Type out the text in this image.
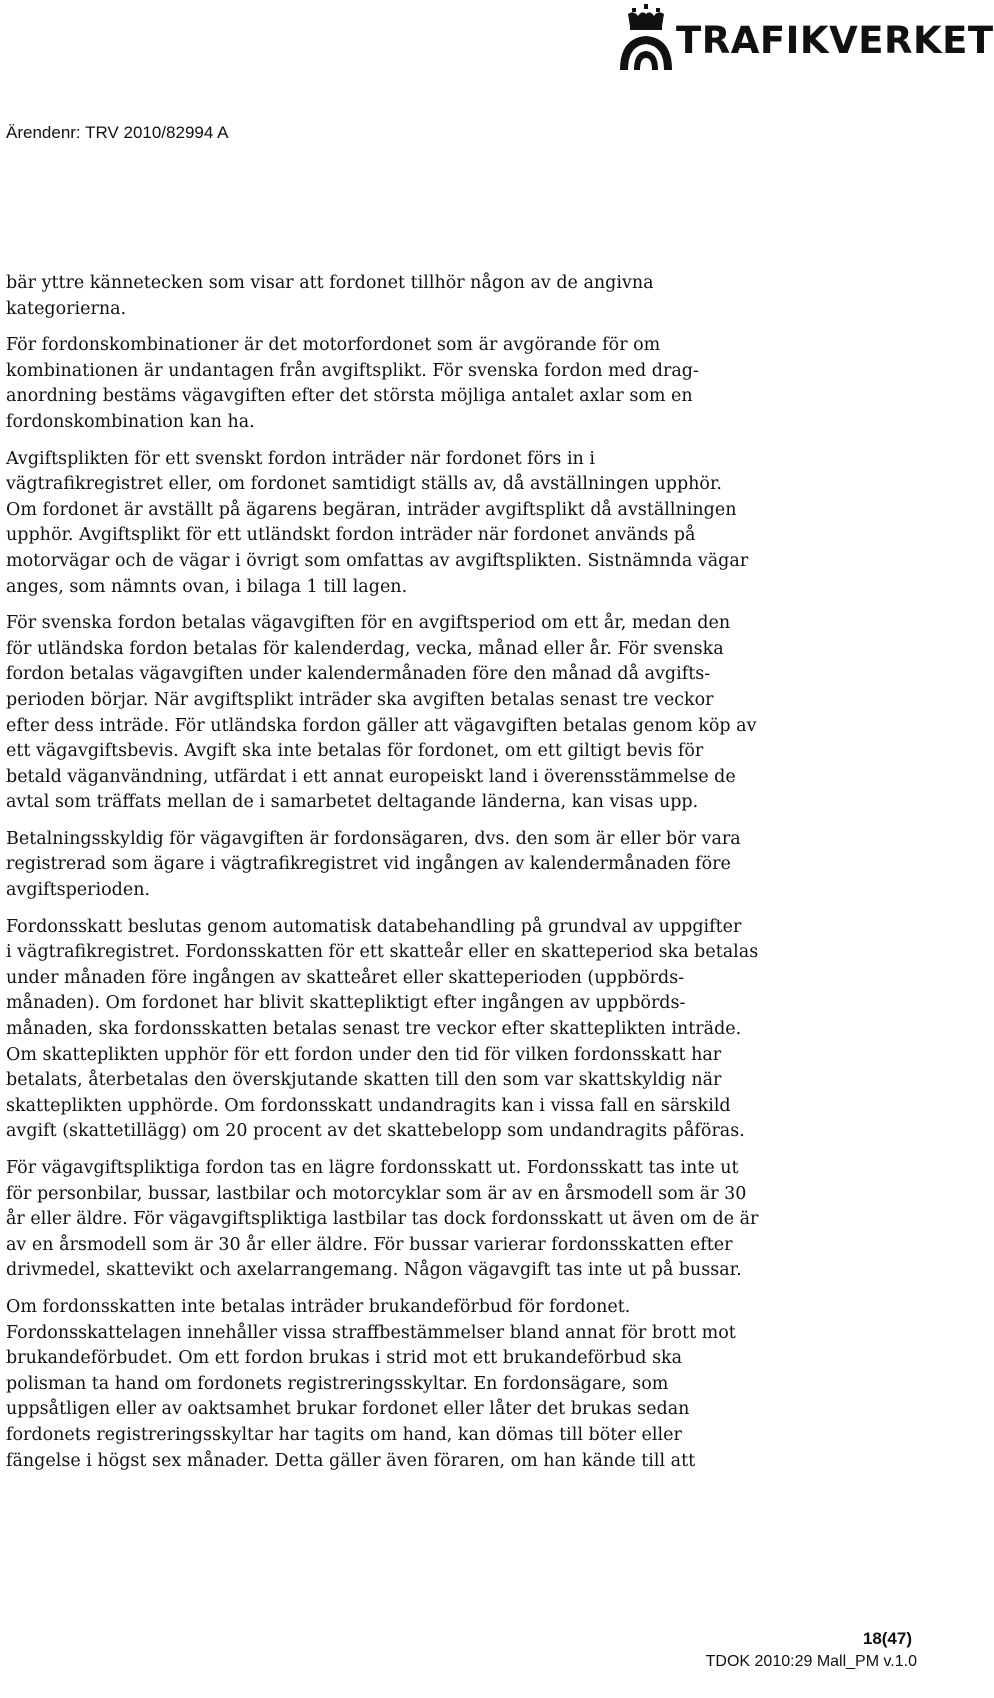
TRAFIKVERKET
Ärendenr: TRV 2010/82994 A

bär yttre kännetecken som visar att fordonet tillhör någon av de angivna
kategorierna.

För fordonskombinationer är det motorfordonet som är avgörande för om
kombinationen är undantagen från avgiftsplikt. För svenska fordon med drag-
anordning bestäms vägavgiften efter det största möjliga antalet axlar som en
fordonskombination kan ha.

Avgiftsplikten för ett svenskt fordon inträder när fordonet förs in i
vägtrafikregistret eller, om fordonet samtidigt ställs av, då avställningen upphör.
Om fordonet är avställt på ägarens begäran, inträder avgiftsplikt då avställningen
upphör. Avgiftsplikt för ett utländskt fordon inträder när fordonet används på
motorvägar och de vägar i övrigt som omfattas av avgiftsplikten. Sistnämnda vägar
anges, som nämnts ovan, i bilaga 1 till lagen.

För svenska fordon betalas vägavgiften för en avgiftsperiod om ett år, medan den
för utländska fordon betalas för kalenderdag, vecka, månad eller år. För svenska
fordon betalas vägavgiften under kalendermånaden före den månad då avgifts-
perioden börjar. När avgiftsplikt inträder ska avgiften betalas senast tre veckor
efter dess inträde. För utländska fordon gäller att vägavgiften betalas genom köp av
ett vägavgiftsbevis. Avgift ska inte betalas för fordonet, om ett giltigt bevis för
betald väganvändning, utfärdat i ett annat europeiskt land i överensstämmelse de
avtal som träffats mellan de i samarbetet deltagande länderna, kan visas upp.

Betalningsskyldig för vägavgiften är fordonsägaren, dvs. den som är eller bör vara
registrerad som ägare i vägtrafikregistret vid ingången av kalendermånaden före
avgiftsperioden.

Fordonsskatt beslutas genom automatisk databehandling på grundval av uppgifter
i vägtrafikregistret. Fordonsskatten för ett skatteår eller en skatteperiod ska betalas
under månaden före ingången av skatteåret eller skatteperioden (uppbörds-
månaden). Om fordonet har blivit skattepliktigt efter ingången av uppbörds-
månaden, ska fordonsskatten betalas senast tre veckor efter skatteplikten inträde.
Om skatteplikten upphör för ett fordon under den tid för vilken fordonsskatt har
betalats, återbetalas den överskjutande skatten till den som var skattskyldig när
skatteplikten upphörde. Om fordonsskatt undandragits kan i vissa fall en särskild
avgift (skattetillägg) om 20 procent av det skattebelopp som undandragits påföras.

För vägavgiftspliktiga fordon tas en lägre fordonsskatt ut. Fordonsskatt tas inte ut
för personbilar, bussar, lastbilar och motorcyklar som är av en årsmodell som är 30
år eller äldre. För vägavgiftspliktiga lastbilar tas dock fordonsskatt ut även om de är
av en årsmodell som är 30 år eller äldre. För bussar varierar fordonsskatten efter
drivmedel, skattevikt och axelarrangemang. Någon vägavgift tas inte ut på bussar.

Om fordonsskatten inte betalas inträder brukandeförbud för fordonet.
Fordonsskattelagen innehåller vissa straffbestämmelser bland annat för brott mot
brukandeförbudet. Om ett fordon brukas i strid mot ett brukandeförbud ska
polisman ta hand om fordonets registreringsskyltar. En fordonsägare, som
uppsåtligen eller av oaktsamhet brukar fordonet eller låter det brukas sedan
fordonets registreringsskyltar har tagits om hand, kan dömas till böter eller
fängelse i högst sex månader. Detta gäller även föraren, om han kände till att

18(47)
TDOK 2010:29 Mall_PM v.1.0
